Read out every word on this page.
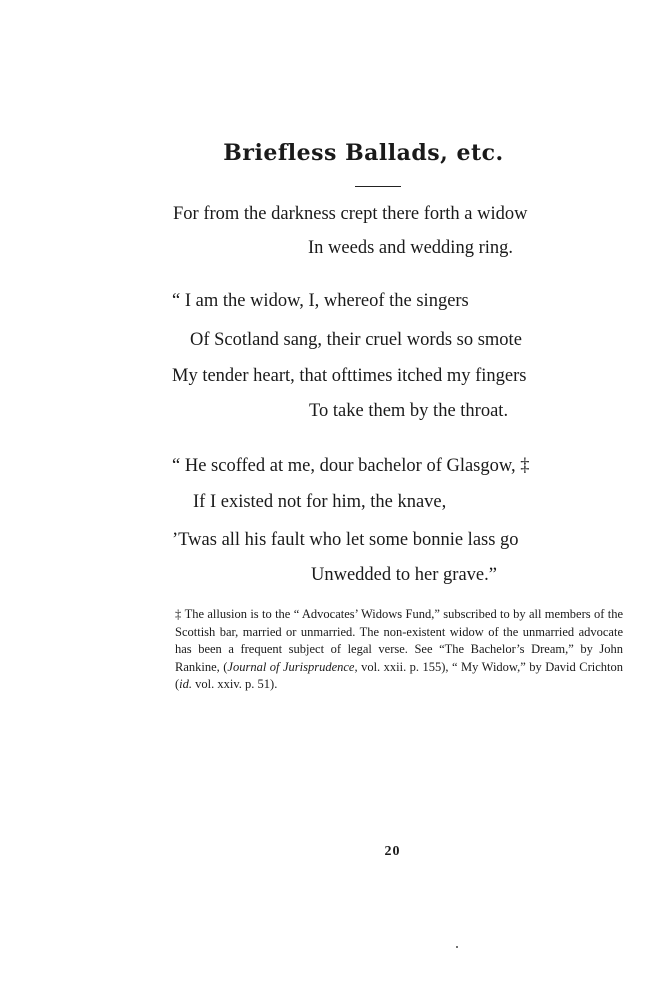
Briefless Ballads, etc.
For from the darkness crept there forth a widow
In weeds and wedding ring.
“ I am the widow, I, whereof the singers
Of Scotland sang, their cruel words so smote
My tender heart, that ofttimes itched my fingers
To take them by the throat.
“ He scoffed at me, dour bachelor of Glasgow, ‡
If I existed not for him, the knave,
’Twas all his fault who let some bonnie lass go
Unwedded to her grave.”
‡ The allusion is to the “ Advocates’ Widows Fund,” subscribed to by all members of the Scottish bar, married or unmarried. The non-existent widow of the unmarried advocate has been a frequent subject of legal verse. See “The Bachelor’s Dream,” by John Rankine, (Journal of Jurisprudence, vol. xxii. p. 155), “ My Widow,” by David Crichton (id. vol. xxiv. p. 51).
20
